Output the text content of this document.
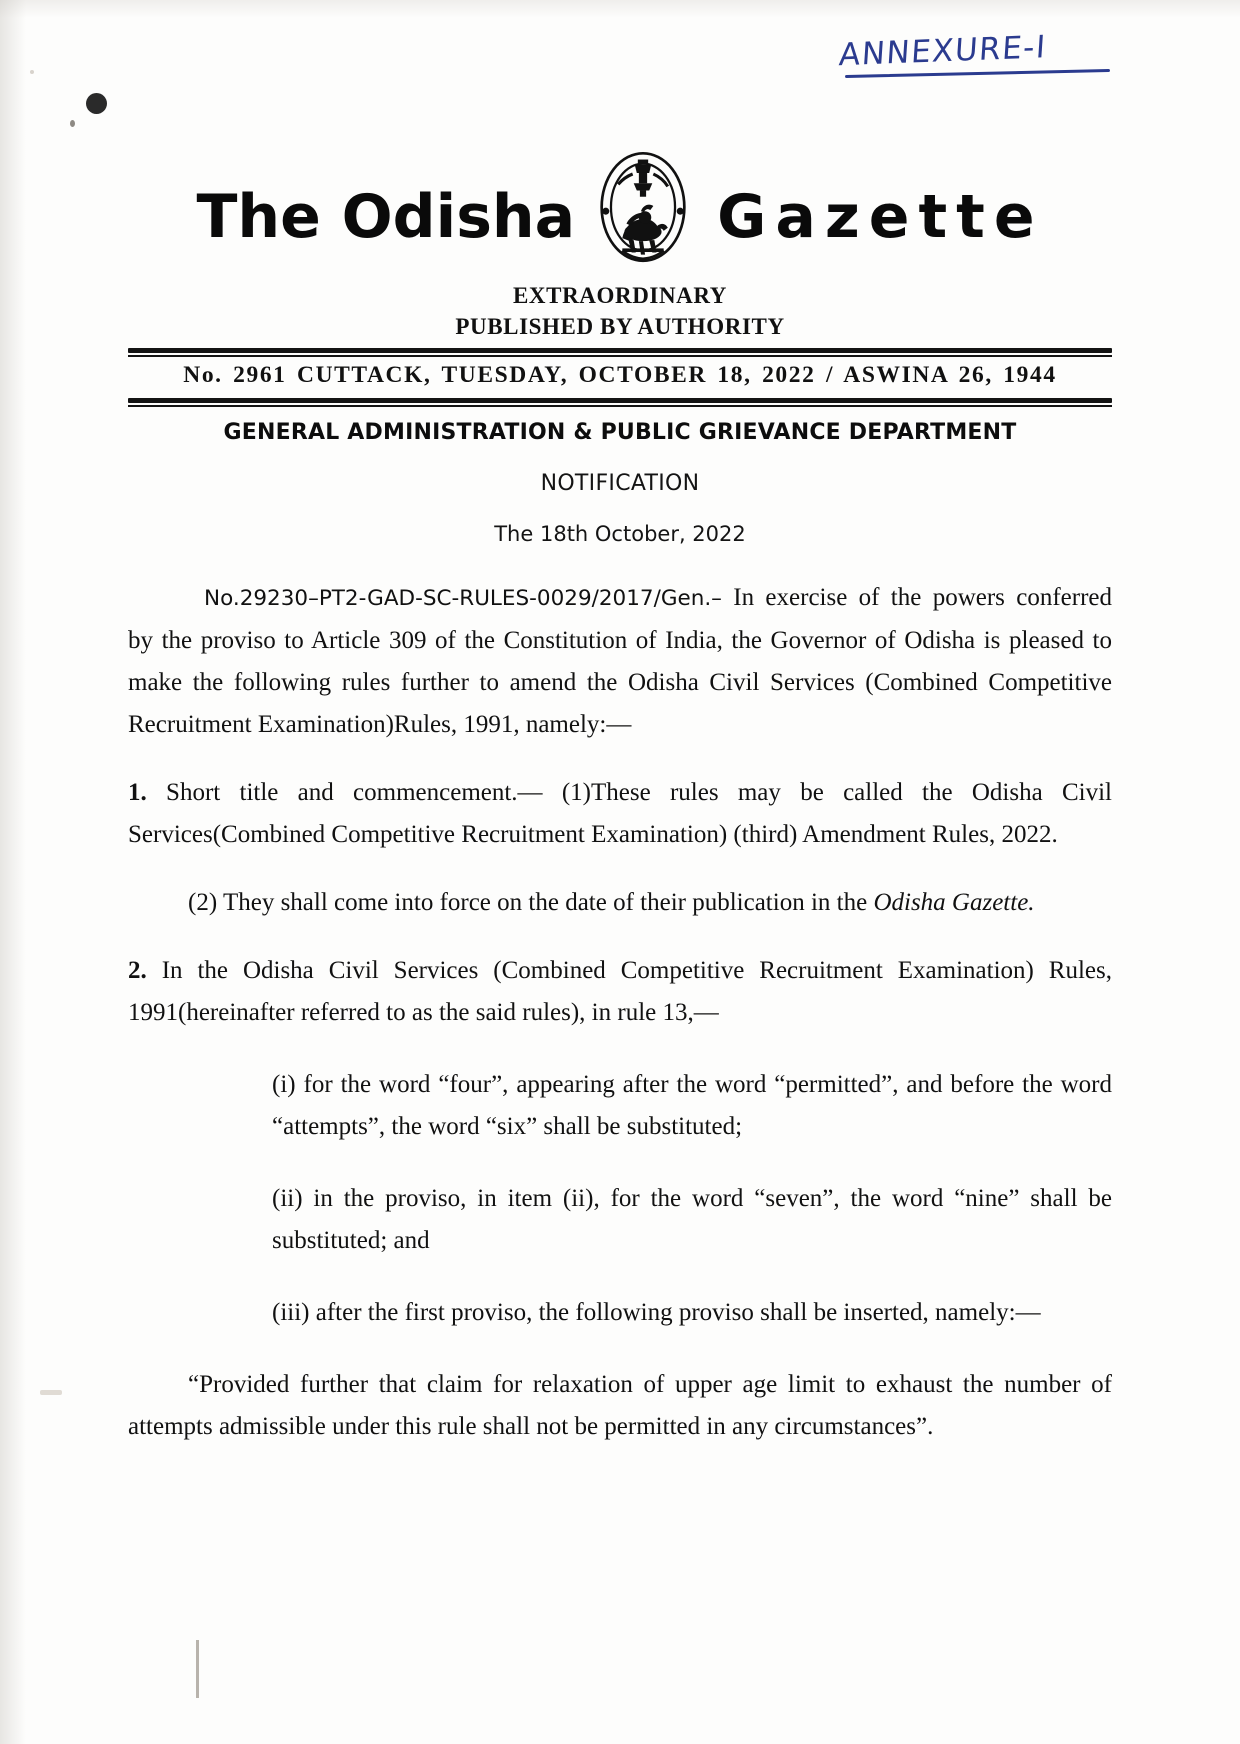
ANNEXURE-I
The Odisha Gazette
EXTRAORDINARY
PUBLISHED BY AUTHORITY
No. 2961 CUTTACK, TUESDAY, OCTOBER 18, 2022 / ASWINA 26, 1944
GENERAL ADMINISTRATION & PUBLIC GRIEVANCE DEPARTMENT
NOTIFICATION
The 18th October, 2022

No.29230–PT2-GAD-SC-RULES-0029/2017/Gen.– In exercise of the powers conferred by the proviso to Article 309 of the Constitution of India, the Governor of Odisha is pleased to make the following rules further to amend the Odisha Civil Services (Combined Competitive Recruitment Examination)Rules, 1991, namely:—

1. Short title and commencement.— (1)These rules may be called the Odisha Civil Services(Combined Competitive Recruitment Examination) (third) Amendment Rules, 2022.

(2) They shall come into force on the date of their publication in the Odisha Gazette.

2. In the Odisha Civil Services (Combined Competitive Recruitment Examination) Rules, 1991(hereinafter referred to as the said rules), in rule 13,—

(i) for the word “four”, appearing after the word “permitted”, and before the word “attempts”, the word “six” shall be substituted;

(ii) in the proviso, in item (ii), for the word “seven”, the word “nine” shall be substituted; and

(iii) after the first proviso, the following proviso shall be inserted, namely:—

“Provided further that claim for relaxation of upper age limit to exhaust the number of attempts admissible under this rule shall not be permitted in any circumstances”.
